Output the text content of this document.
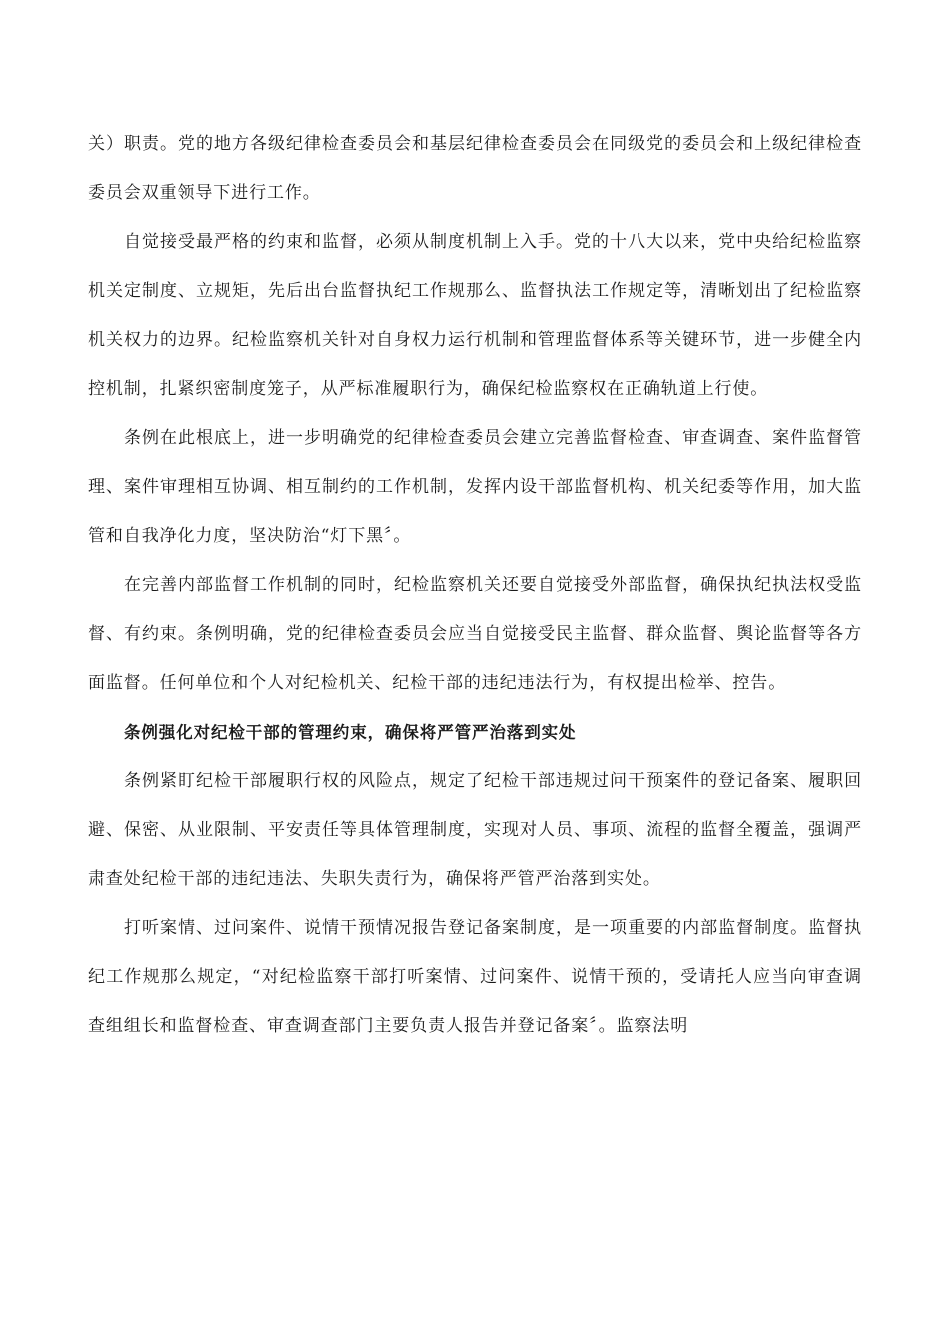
关）职责。党的地方各级纪律检查委员会和基层纪律检查委员会在同级党的委员会和上级纪律检查委员会双重领导下进行工作。

自觉接受最严格的约束和监督，必须从制度机制上入手。党的十八大以来，党中央给纪检监察机关定制度、立规矩，先后出台监督执纪工作规那么、监督执法工作规定等，清晰划出了纪检监察机关权力的边界。纪检监察机关针对自身权力运行机制和管理监督体系等关键环节，进一步健全内控机制，扎紧织密制度笼子，从严标准履职行为，确保纪检监察权在正确轨道上行使。

条例在此根底上，进一步明确党的纪律检查委员会建立完善监督检查、审查调查、案件监督管理、案件审理相互协调、相互制约的工作机制，发挥内设干部监督机构、机关纪委等作用，加大监管和自我净化力度，坚决防治“灯下黑〞。

在完善内部监督工作机制的同时，纪检监察机关还要自觉接受外部监督，确保执纪执法权受监督、有约束。条例明确，党的纪律检查委员会应当自觉接受民主监督、群众监督、舆论监督等各方面监督。任何单位和个人对纪检机关、纪检干部的违纪违法行为，有权提出检举、控告。

条例强化对纪检干部的管理约束，确保将严管严治落到实处

条例紧盯纪检干部履职行权的风险点，规定了纪检干部违规过问干预案件的登记备案、履职回避、保密、从业限制、平安责任等具体管理制度，实现对人员、事项、流程的监督全覆盖，强调严肃查处纪检干部的违纪违法、失职失责行为，确保将严管严治落到实处。

打听案情、过问案件、说情干预情况报告登记备案制度，是一项重要的内部监督制度。监督执纪工作规那么规定，“对纪检监察干部打听案情、过问案件、说情干预的，受请托人应当向审查调查组组长和监督检查、审查调查部门主要负责人报告并登记备案〞。监察法明
